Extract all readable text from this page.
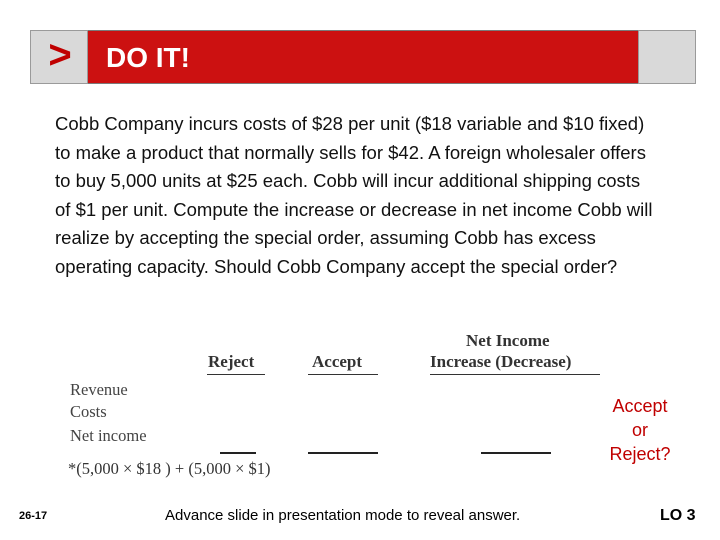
>	DO IT!
Cobb Company incurs costs of $28 per unit ($18 variable and $10 fixed) to make a product that normally sells for $42. A foreign wholesaler offers to buy 5,000 units at $25 each. Cobb will incur additional shipping costs of $1 per unit. Compute the increase or decrease in net income Cobb will realize by accepting the special order, assuming Cobb has excess operating capacity. Should Cobb Company accept the special order?
Reject	Accept
Net Income
Increase (Decrease)
Revenue
Costs
Net income
*(5,000 × $18 ) + (5,000 × $1)
Accept
or
Reject?
26-17	Advance slide in presentation mode to reveal answer.	LO 3
